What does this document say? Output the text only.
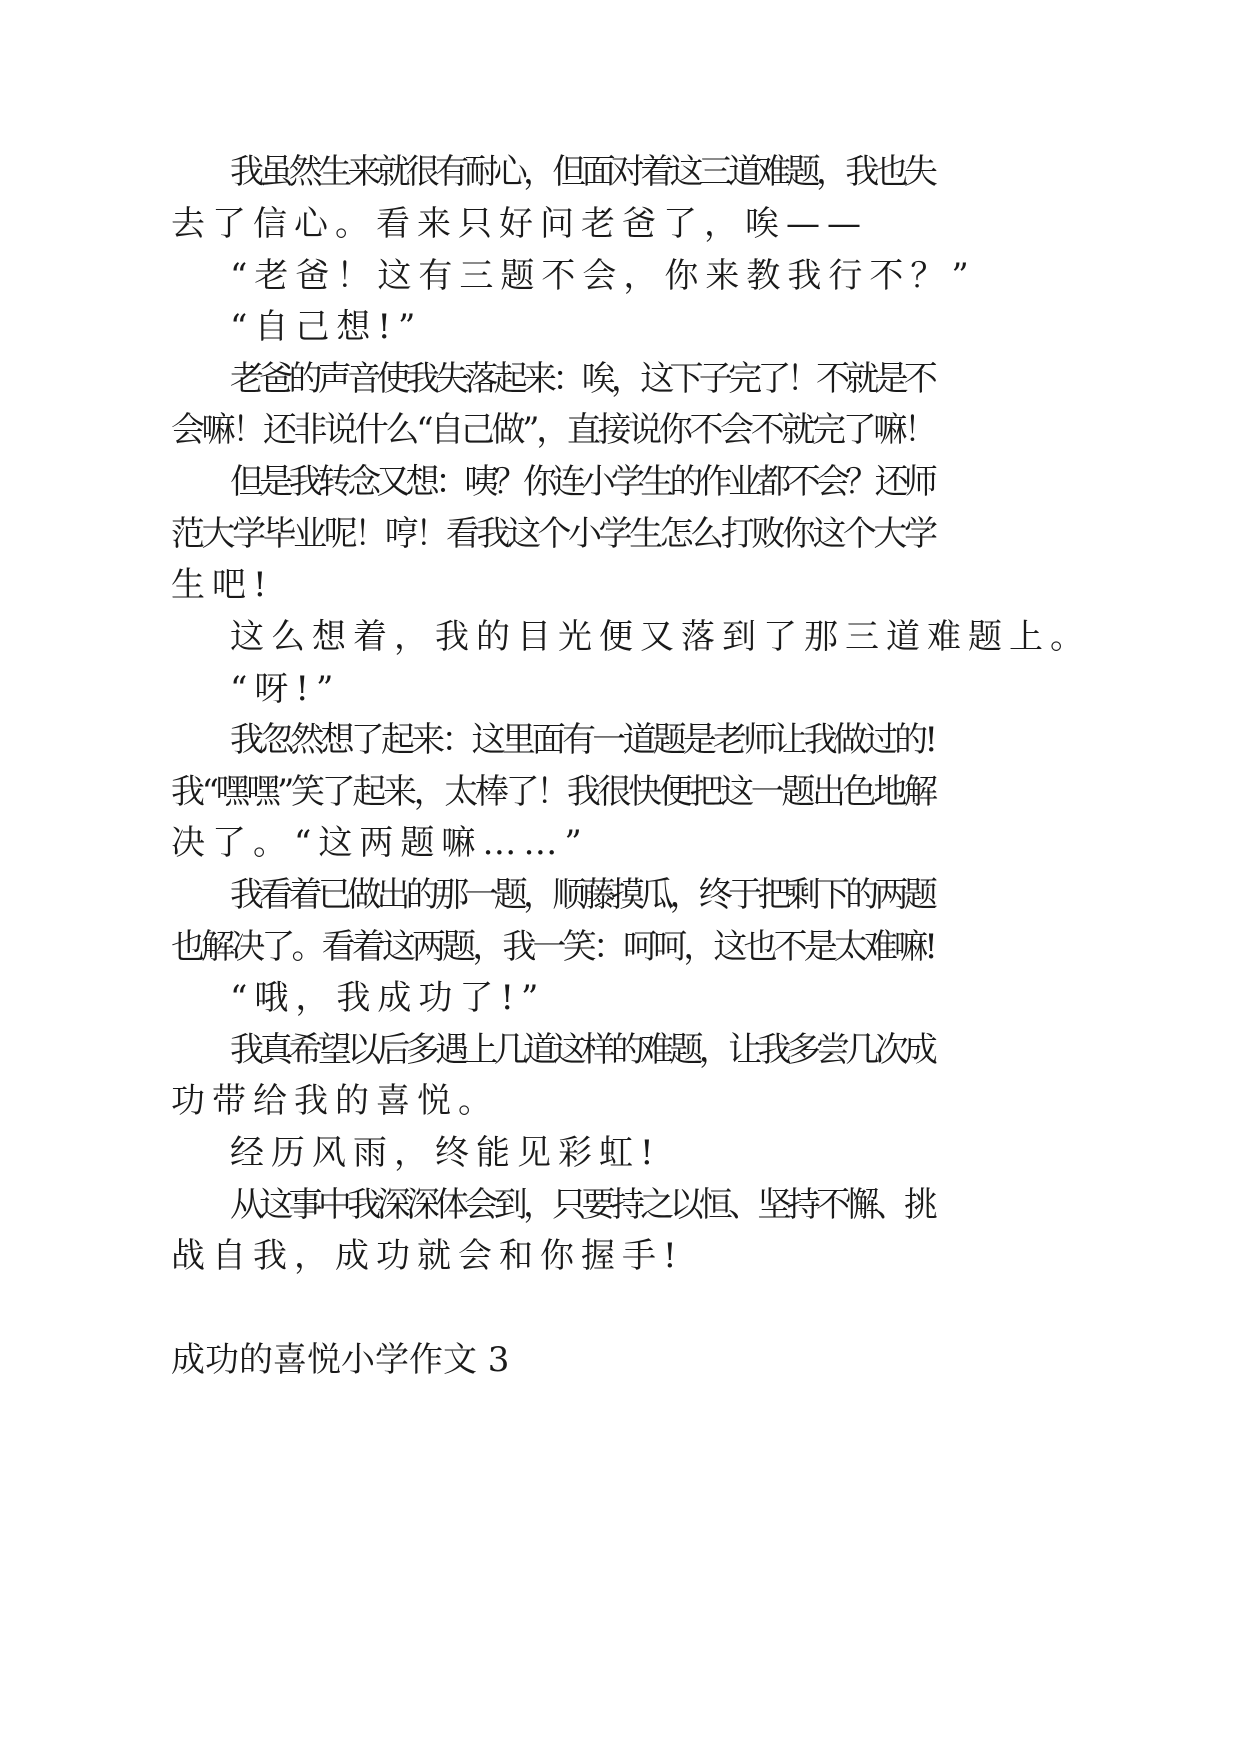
我虽然生来就很有耐心，但面对着这三道难题，我也失
去了信心。看来只好问老爸了，唉——
“老爸！这有三题不会，你来教我行不？”
“自己想!”
老爸的声音使我失落起来：唉，这下子完了！不就是不
会嘛！还非说什么“自己做”，直接说你不会不就完了嘛！
但是我转念又想：咦？你连小学生的作业都不会？还师
范大学毕业呢！哼！看我这个小学生怎么打败你这个大学
生吧!
这么想着，我的目光便又落到了那三道难题上。
“呀!”
我忽然想了起来：这里面有一道题是老师让我做过的!
我“嘿嘿”笑了起来，太棒了！我很快便把这一题出色地解
决了。“这两题嘛……”
我看着已做出的那一题，顺藤摸瓜，终于把剩下的两题
也解决了。看着这两题，我一笑：呵呵，这也不是太难嘛!
“哦，我成功了!”
我真希望以后多遇上几道这样的难题，让我多尝几次成
功带给我的喜悦。
经历风雨，终能见彩虹!
从这事中我深深体会到，只要持之以恒、坚持不懈、挑
战自我，成功就会和你握手!
成功的喜悦小学作文 3
